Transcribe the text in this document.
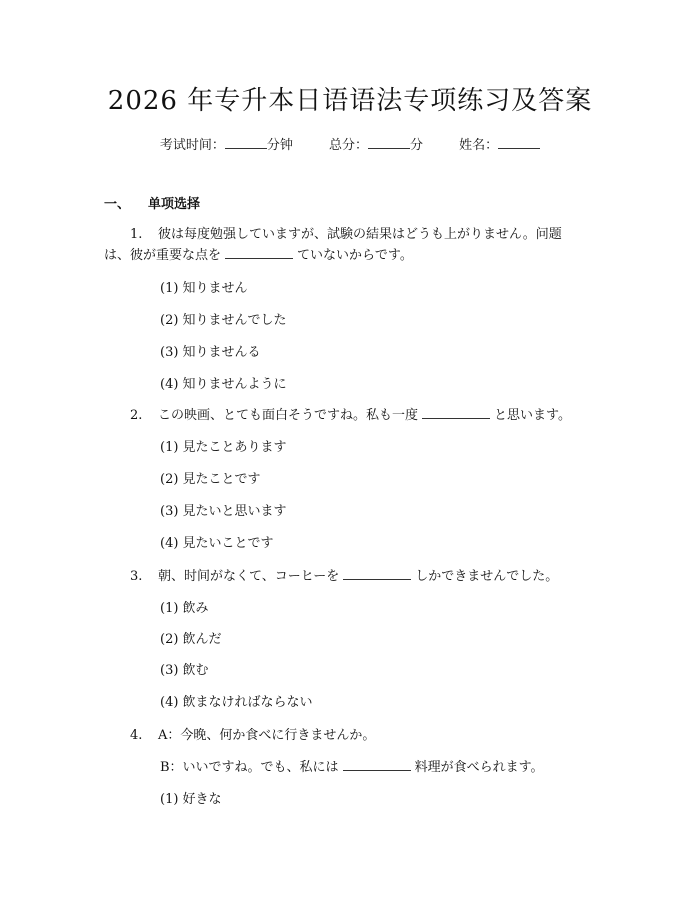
2026 年专升本日语语法专项练习及答案
考试时间：	分钟	总分：	分	姓名：
一、 单项选择
1. 彼は每度勉强していますが、試験の結果はどうも上がりません。问题
は、彼が重要な点を	ていないからです。
(1) 知りません
(2) 知りませんでした
(3) 知りませんる
(4) 知りませんように
2. この映画、とても面白そうですね。私も一度	と思います。
(1) 見たことあります
(2) 見たことです
(3) 見たいと思います
(4) 見たいことです
3. 朝、时间がなくて、コーヒーを	しかできませんでした。
(1) 飲み
(2) 飲んだ
(3) 飲む
(4) 飲まなければならない
4. A：今晚、何か食べに行きませんか。
B：いいですね。でも、私には	料理が食べられます。
(1) 好きな
